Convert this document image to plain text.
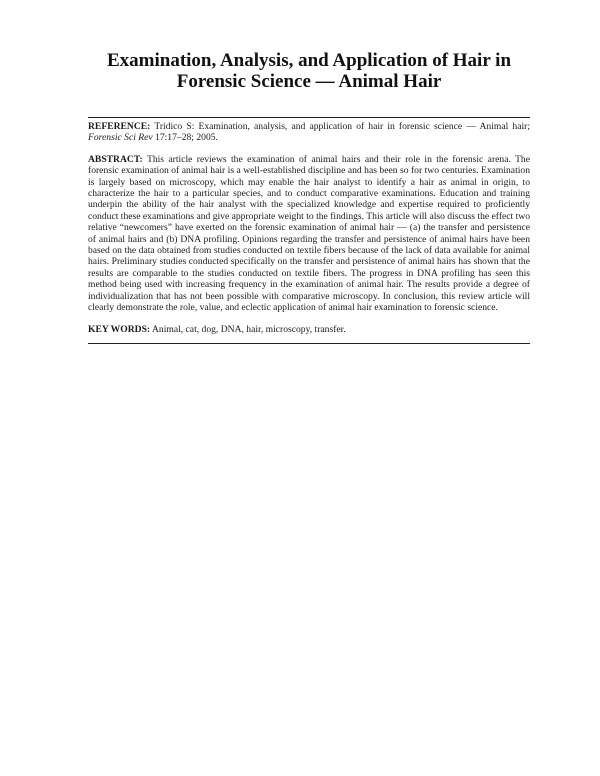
Examination, Analysis, and Application of Hair in
Forensic Science — Animal Hair

REFERENCE: Tridico S: Examination, analysis, and application of hair in forensic science — Animal hair; Forensic Sci Rev 17:17–28; 2005.

ABSTRACT: This article reviews the examination of animal hairs and their role in the forensic arena. The forensic examination of animal hair is a well-established discipline and has been so for two centuries. Examination is largely based on microscopy, which may enable the hair analyst to identify a hair as animal in origin, to characterize the hair to a particular species, and to conduct comparative examinations. Education and training underpin the ability of the hair analyst with the specialized knowledge and expertise required to proficiently conduct these examinations and give appropriate weight to the findings. This article will also discuss the effect two relative “newcomers” have exerted on the forensic examination of animal hair — (a) the transfer and persistence of animal hairs and (b) DNA profiling. Opinions regarding the transfer and persistence of animal hairs have been based on the data obtained from studies conducted on textile fibers because of the lack of data available for animal hairs. Preliminary studies conducted specifically on the transfer and persistence of animal hairs has shown that the results are comparable to the studies conducted on textile fibers. The progress in DNA profiling has seen this method being used with increasing frequency in the examination of animal hair. The results provide a degree of individualization that has not been possible with comparative microscopy. In conclusion, this review article will clearly demonstrate the role, value, and eclectic application of animal hair examination to forensic science.

KEY WORDS: Animal, cat, dog, DNA, hair, microscopy, transfer.
